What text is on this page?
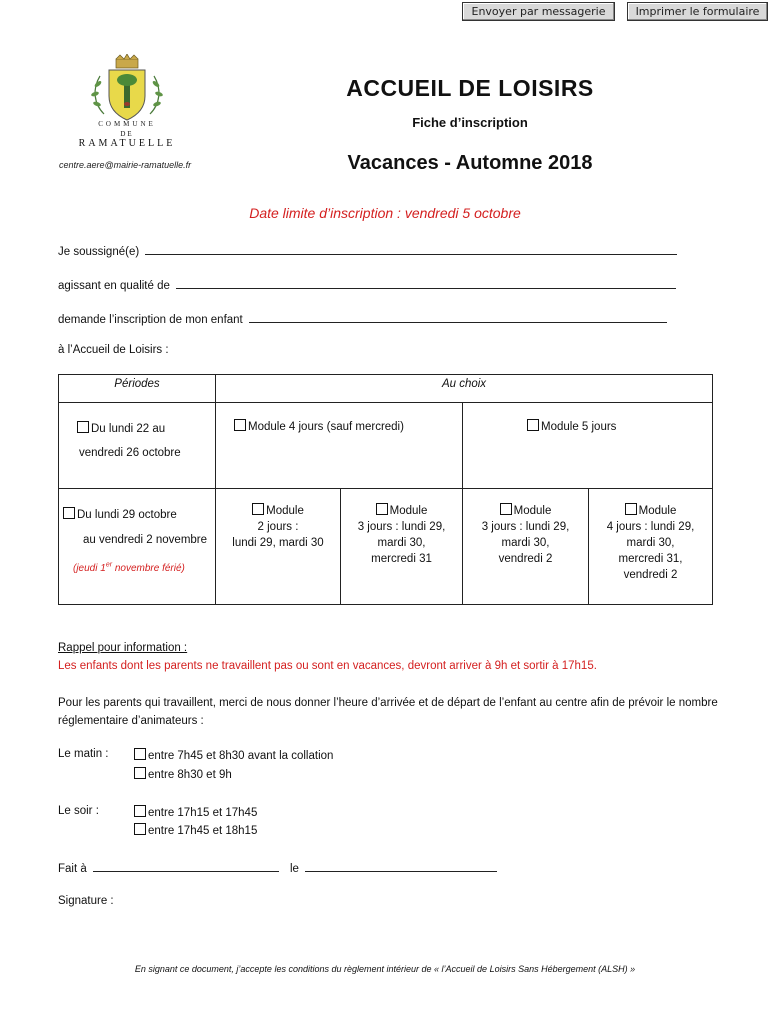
Envoyer par messagerie	Imprimer le formulaire
COMMUNE
DE
RAMATUELLE
centre.aere@mairie-ramatuelle.fr
ACCUEIL DE LOISIRS
Fiche d’inscription
Vacances - Automne 2018
Date limite d’inscription : vendredi 5 octobre
Je soussigné(e)
agissant en qualité de
demande l’inscription de mon enfant
à l’Accueil de Loisirs :
Périodes	Au choix			
Du lundi 22 au
vendredi 26 octobre	Module 4 jours (sauf mercredi)		Module 5 jours	
Du lundi 29 octobre
au vendredi 2 novembre
(jeudi 1er novembre férié)	Module
2 jours :
lundi 29, mardi 30	Module
3 jours : lundi 29,
mardi 30,
mercredi 31	Module
3 jours : lundi 29,
mardi 30,
vendredi 2	Module
4 jours : lundi 29,
mardi 30,
mercredi 31,
vendredi 2
Rappel pour information :
Les enfants dont les parents ne travaillent pas ou sont en vacances, devront arriver à 9h et sortir à 17h15.
Pour les parents qui travaillent, merci de nous donner l’heure d’arrivée et de départ de l’enfant au centre afin de prévoir le nombre réglementaire d’animateurs :
Le matin :	entre 7h45 et 8h30 avant la collation
entre 8h30 et 9h
Le soir :	entre 17h15 et 17h45
entre 17h45 et 18h15
Fait à	le
Signature :
En signant ce document, j’accepte les conditions du règlement intérieur de « l’Accueil de Loisirs Sans Hébergement (ALSH) »
